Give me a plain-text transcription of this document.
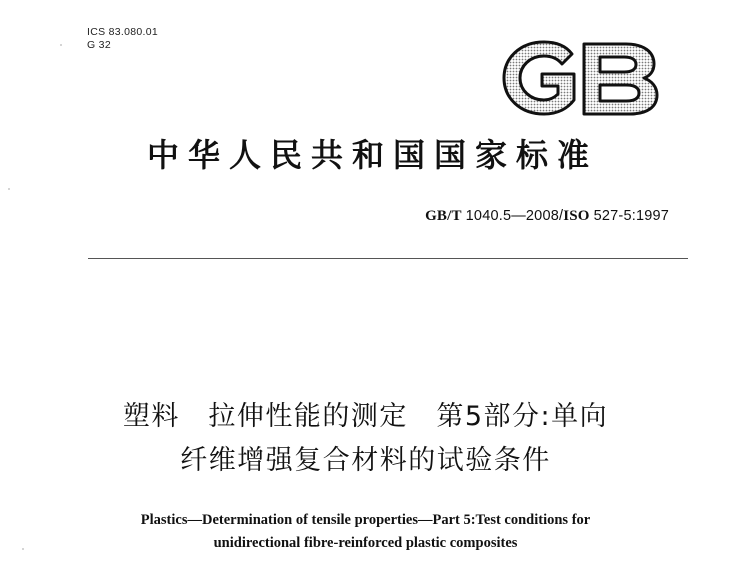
ICS 83.080.01
G 32
中华人民共和国国家标准
GB/T 1040.5—2008/ISO 527-5:1997
塑料　拉伸性能的测定　第5部分:单向
纤维增强复合材料的试验条件
Plastics—Determination of tensile properties—Part 5:Test conditions for
unidirectional fibre-reinforced plastic composites
